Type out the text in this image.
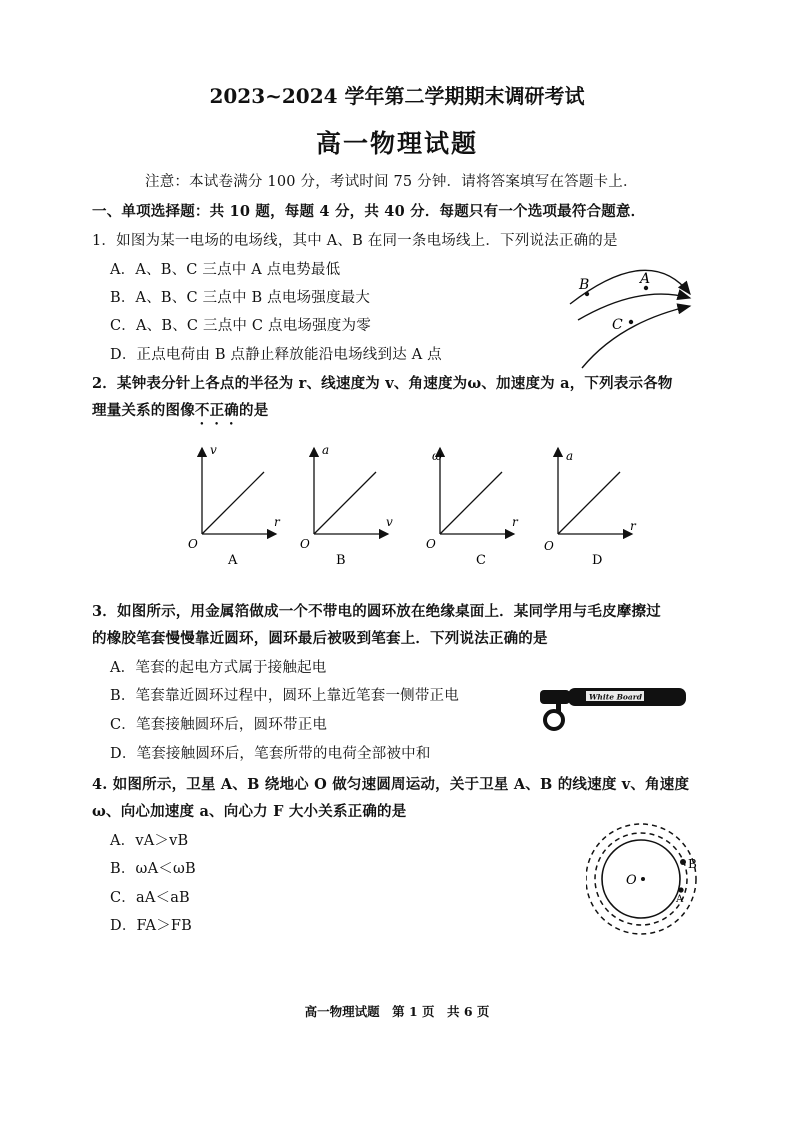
2023~2024 学年第二学期期末调研考试
高一物理试题
注意：本试卷满分 100 分，考试时间 75 分钟．请将答案填写在答题卡上．
一、单项选择题：共 10 题，每题 4 分，共 40 分．每题只有一个选项最符合题意．
1．如图为某一电场的电场线，其中 A、B 在同一条电场线上．下列说法正确的是
A．A、B、C 三点中 A 点电势最低
B．A、B、C 三点中 B 点电场强度最大
C．A、B、C 三点中 C 点电场强度为零
D．正点电荷由 B 点静止释放能沿电场线到达 A 点
B	A
C
2．某钟表分针上各点的半径为 r、线速度为 v、角速度为ω、加速度为 a，下列表示各物
理量关系的图像不正确的是
v
r
O
A
a
v
O
B
ω
r
O
C
a
r
O
D
3．如图所示，用金属箔做成一个不带电的圆环放在绝缘桌面上．某同学用与毛皮摩擦过
的橡胶笔套慢慢靠近圆环，圆环最后被吸到笔套上．下列说法正确的是
A．笔套的起电方式属于接触起电
B．笔套靠近圆环过程中，圆环上靠近笔套一侧带正电
C．笔套接触圆环后，圆环带正电
D．笔套接触圆环后，笔套所带的电荷全部被中和
White Board
4. 如图所示，卫星 A、B 绕地心 O 做匀速圆周运动，关于卫星 A、B 的线速度 v、角速度
ω、向心加速度 a、向心力 F 大小关系正确的是
A．vA＞vB
B．ωA＜ωB
C．aA＜aB
D．FA＞FB
O
B
A
高一物理试题　第 1 页　共 6 页
